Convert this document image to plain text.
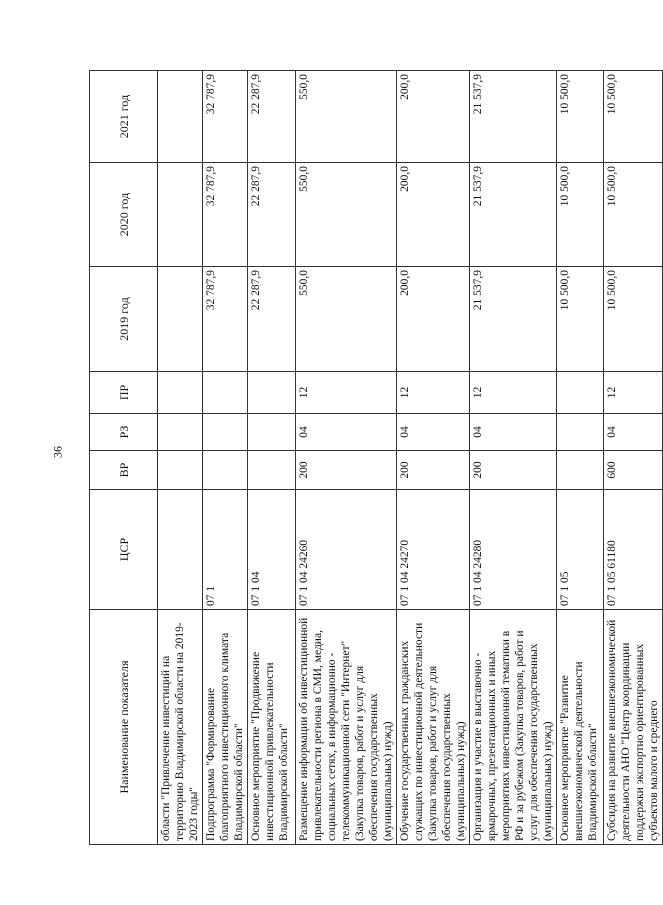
36
Наименование показателя	ЦСР	ВР	РЗ	ПР	2019 год	2020 год	2021 год
области "Привлечение инвестиций на территорию Владимирской области на 2019-2023 годы"							
Подпрограмма "Формирование благоприятного инвестиционного климата Владимирской области"	07 1				32 787,9	32 787,9	32 787,9
Основное мероприятие "Продвижение инвестиционной привлекательности Владимирской области"	07 1 04				22 287,9	22 287,9	22 287,9
Размещение информации об инвестиционной привлекательности региона в СМИ, медиа, социальных сетях, в информационно - телекоммуникационной сети "Интернет" (Закупка товаров, работ и услуг для обеспечения государственных (муниципальных) нужд)	07 1 04 24260	200	04	12	550,0	550,0	550,0
Обучение государственных гражданских служащих по инвестиционной деятельности (Закупка товаров, работ и услуг для обеспечения государственных (муниципальных) нужд)	07 1 04 24270	200	04	12	200,0	200,0	200,0
Организация и участие в выставочно - ярмарочных, презентационных и иных мероприятиях инвестиционной тематики в РФ и за рубежом (Закупка товаров, работ и услуг для обеспечения государственных (муниципальных) нужд)	07 1 04 24280	200	04	12	21 537,9	21 537,9	21 537,9
Основное мероприятие "Развитие внешнеэкономической деятельности Владимирской области"	07 1 05				10 500,0	10 500,0	10 500,0
Субсидия на развитие внешнеэкономической деятельности АНО "Центр координации поддержки экспортно ориентированных субъектов малого и среднего	07 1 05 61180	600	04	12	10 500,0	10 500,0	10 500,0
